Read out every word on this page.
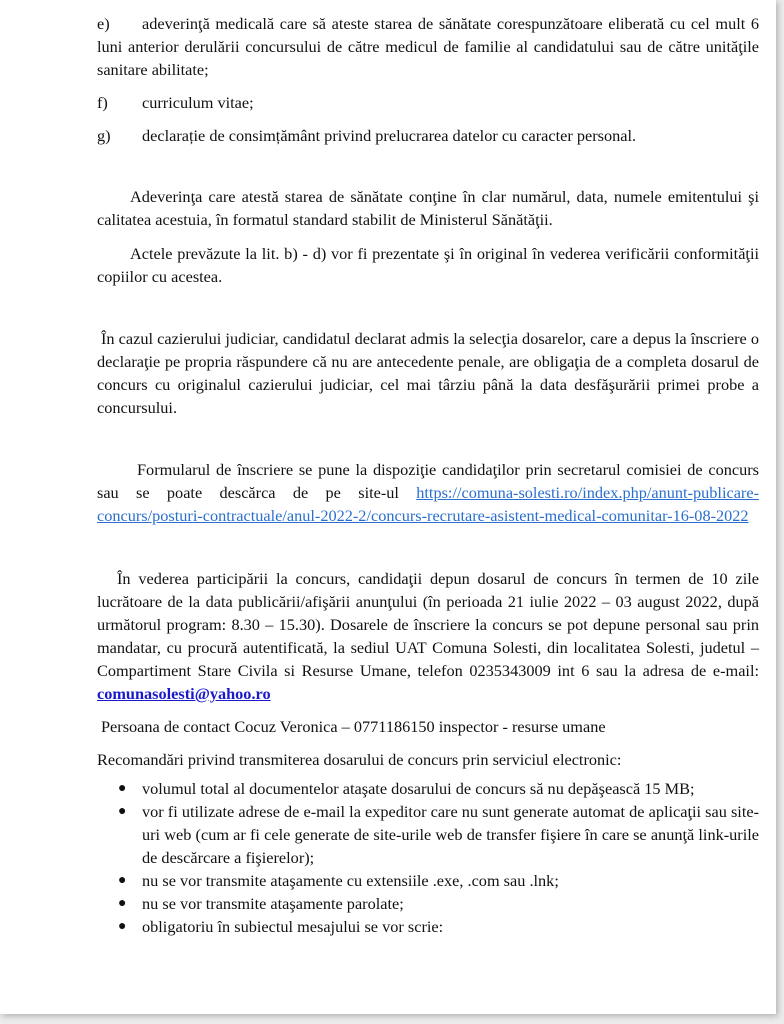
e) adeverinţă medicală care să ateste starea de sănătate corespunzătoare eliberată cu cel mult 6 luni anterior derulării concursului de către medicul de familie al candidatului sau de către unităţile sanitare abilitate;
f) curriculum vitae;
g) declarație de consimțământ privind prelucrarea datelor cu caracter personal.

Adeverinţa care atestă starea de sănătate conţine în clar numărul, data, numele emitentului şi calitatea acestuia, în formatul standard stabilit de Ministerul Sănătăţii.

Actele prevăzute la lit. b) - d) vor fi prezentate şi în original în vederea verificării conformităţii copiilor cu acestea.

În cazul cazierului judiciar, candidatul declarat admis la selecţia dosarelor, care a depus la înscriere o declaraţie pe propria răspundere că nu are antecedente penale, are obligaţia de a completa dosarul de concurs cu originalul cazierului judiciar, cel mai târziu până la data desfăşurării primei probe a concursului.

Formularul de înscriere se pune la dispoziţie candidaţilor prin secretarul comisiei de concurs sau se poate descărca de pe site-ul https://comuna-solesti.ro/index.php/anunt-publicare-concurs/posturi-contractuale/anul-2022-2/concurs-recrutare-asistent-medical-comunitar-16-08-2022

În vederea participării la concurs, candidaţii depun dosarul de concurs în termen de 10 zile lucrătoare de la data publicării/afişării anunţului (în perioada 21 iulie 2022 – 03 august 2022, după următorul program: 8.30 – 15.30). Dosarele de înscriere la concurs se pot depune personal sau prin mandatar, cu procură autentificată, la sediul UAT Comuna Solesti, din localitatea Solesti, judetul – Compartiment Stare Civila si Resurse Umane, telefon 0235343009 int 6 sau la adresa de e-mail: comunasolesti@yahoo.ro

Persoana de contact Cocuz Veronica – 0771186150 inspector - resurse umane

Recomandări privind transmiterea dosarului de concurs prin serviciul electronic:

● volumul total al documentelor ataşate dosarului de concurs să nu depăşească 15 MB;
● vor fi utilizate adrese de e-mail la expeditor care nu sunt generate automat de aplicaţii sau site-uri web (cum ar fi cele generate de site-urile web de transfer fişiere în care se anunţă link-urile de descărcare a fişierelor);
● nu se vor transmite ataşamente cu extensiile .exe, .com sau .lnk;
● nu se vor transmite ataşamente parolate;
● obligatoriu în subiectul mesajului se vor scrie:
